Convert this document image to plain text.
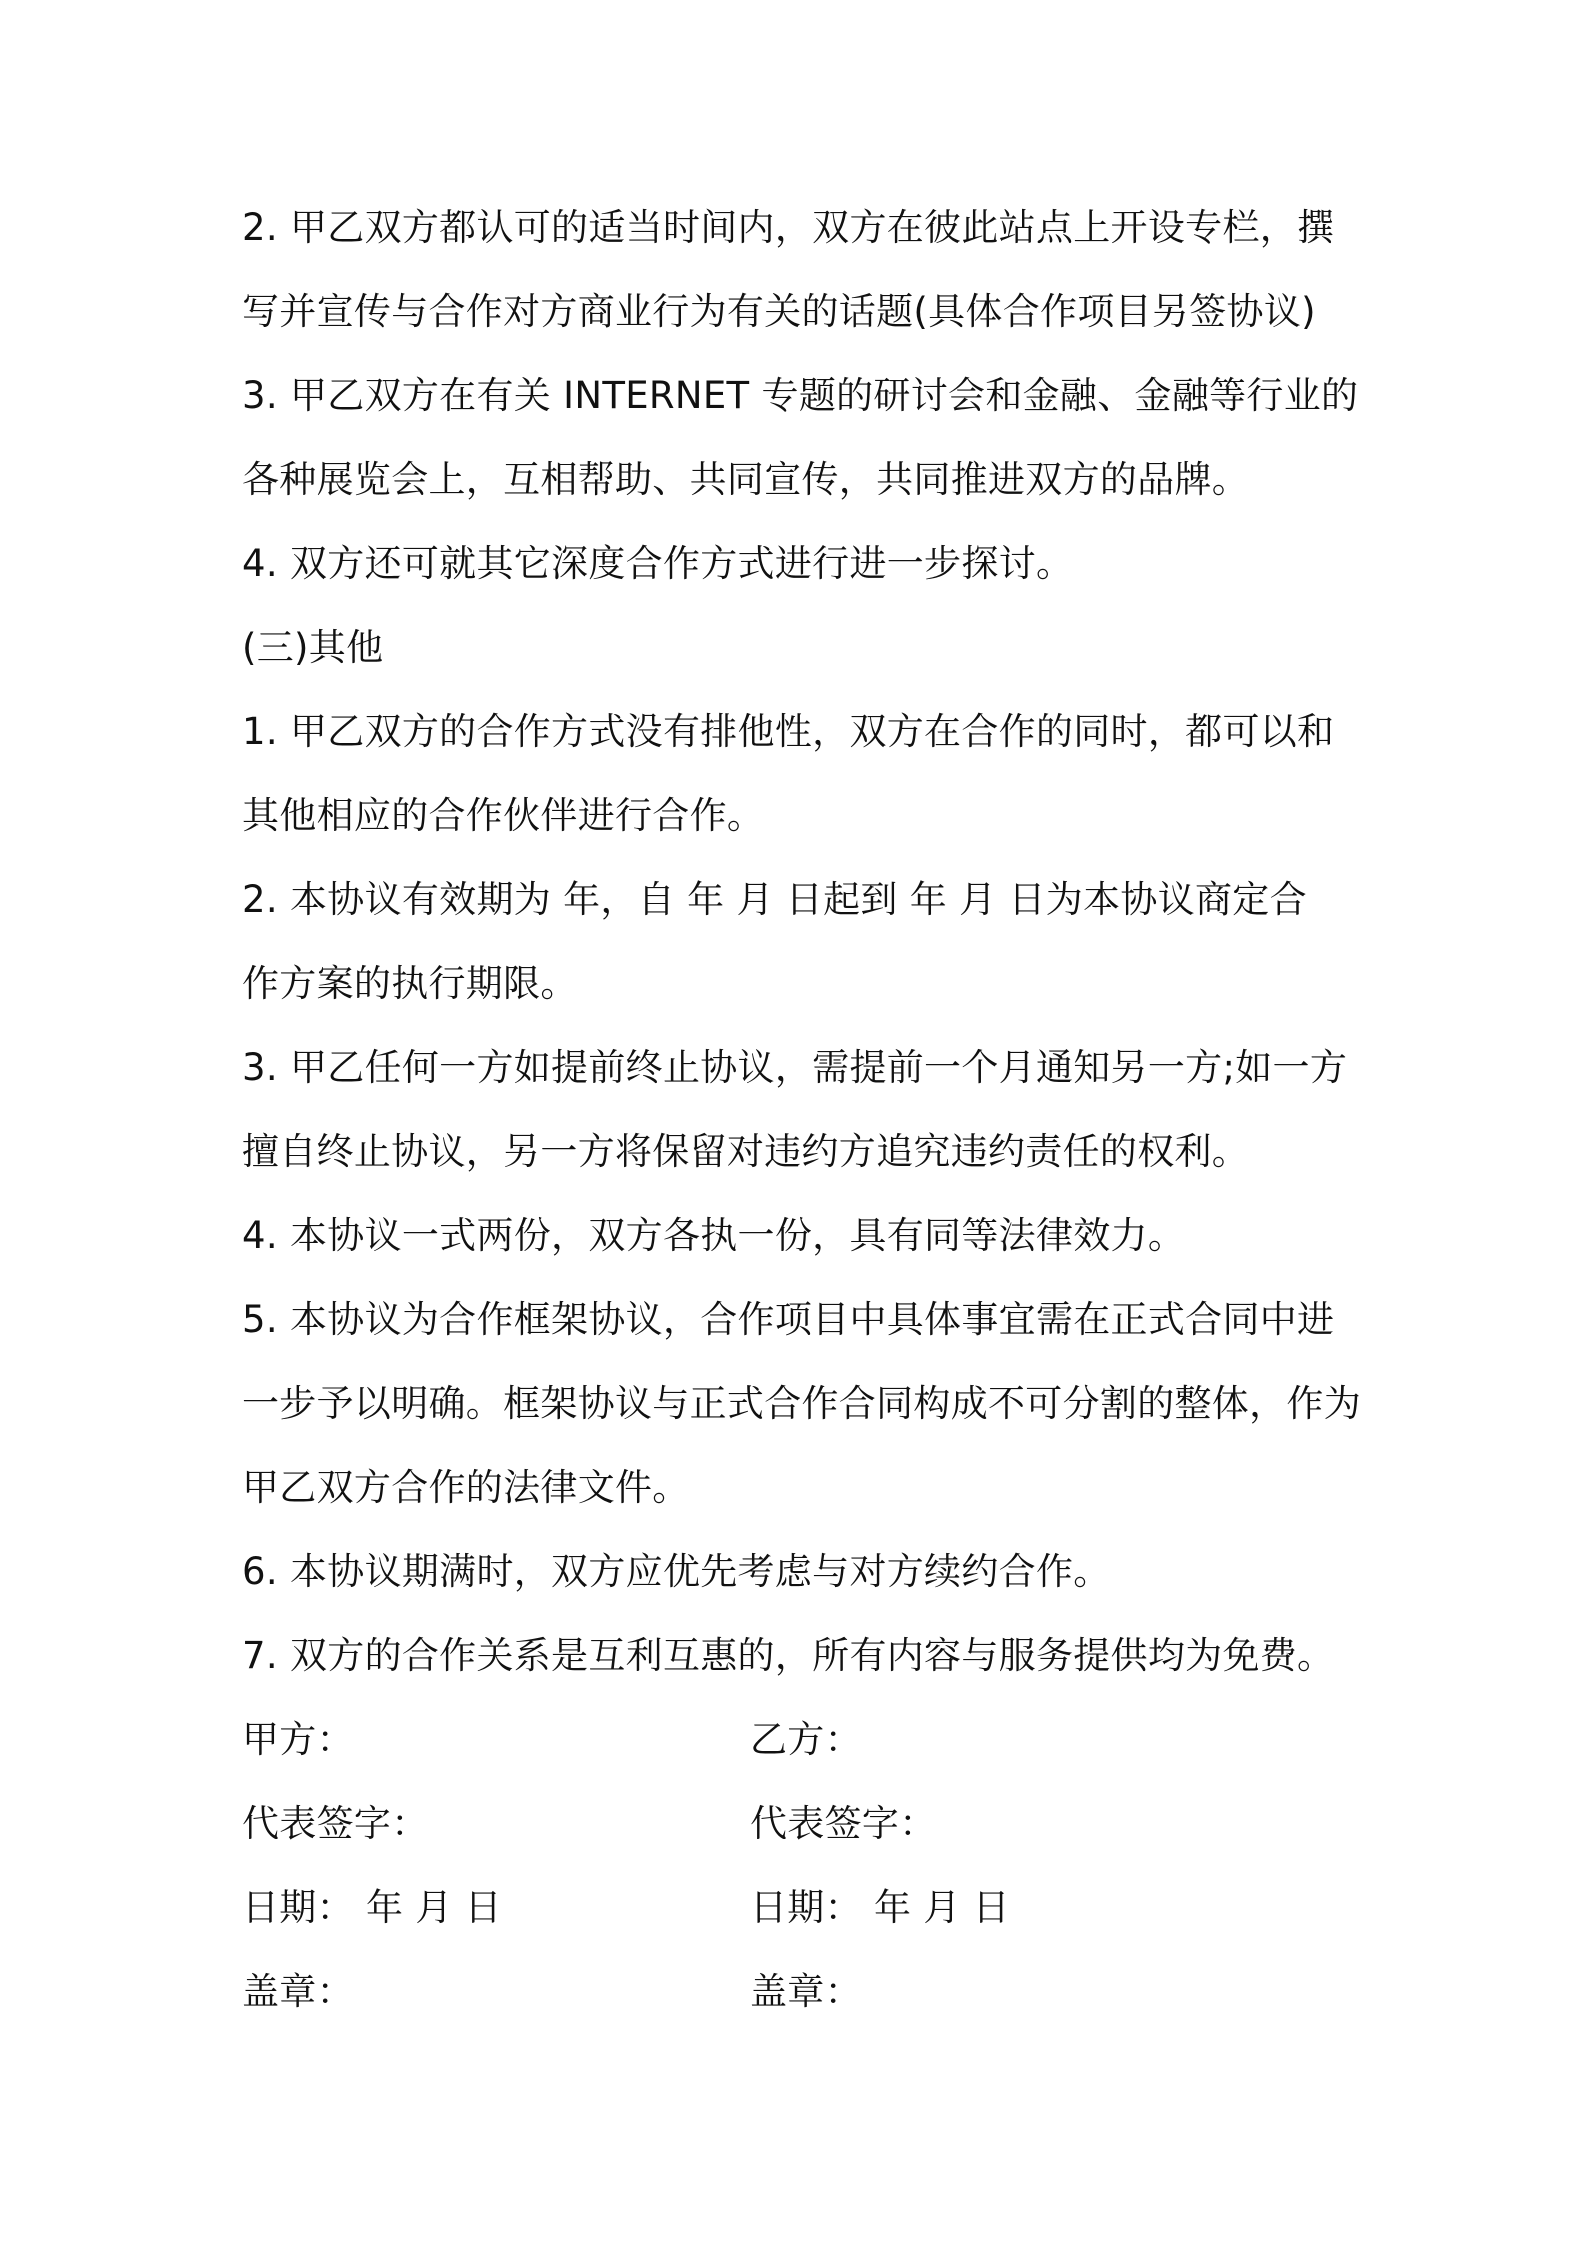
2. 甲乙双方都认可的适当时间内，双方在彼此站点上开设专栏，撰
写并宣传与合作对方商业行为有关的话题(具体合作项目另签协议)
3. 甲乙双方在有关 INTERNET 专题的研讨会和金融、金融等行业的
各种展览会上，互相帮助、共同宣传，共同推进双方的品牌。
4. 双方还可就其它深度合作方式进行进一步探讨。
(三)其他
1. 甲乙双方的合作方式没有排他性，双方在合作的同时，都可以和
其他相应的合作伙伴进行合作。
2. 本协议有效期为 年，自 年 月 日起到 年 月 日为本协议商定合
作方案的执行期限。
3. 甲乙任何一方如提前终止协议，需提前一个月通知另一方;如一方
擅自终止协议，另一方将保留对违约方追究违约责任的权利。
4. 本协议一式两份，双方各执一份，具有同等法律效力。
5. 本协议为合作框架协议，合作项目中具体事宜需在正式合同中进
一步予以明确。框架协议与正式合作合同构成不可分割的整体，作为
甲乙双方合作的法律文件。
6. 本协议期满时，双方应优先考虑与对方续约合作。
7. 双方的合作关系是互利互惠的，所有内容与服务提供均为免费。
甲方：	乙方：
代表签字：	代表签字：
日期： 年 月 日	日期： 年 月 日
盖章：	盖章：
